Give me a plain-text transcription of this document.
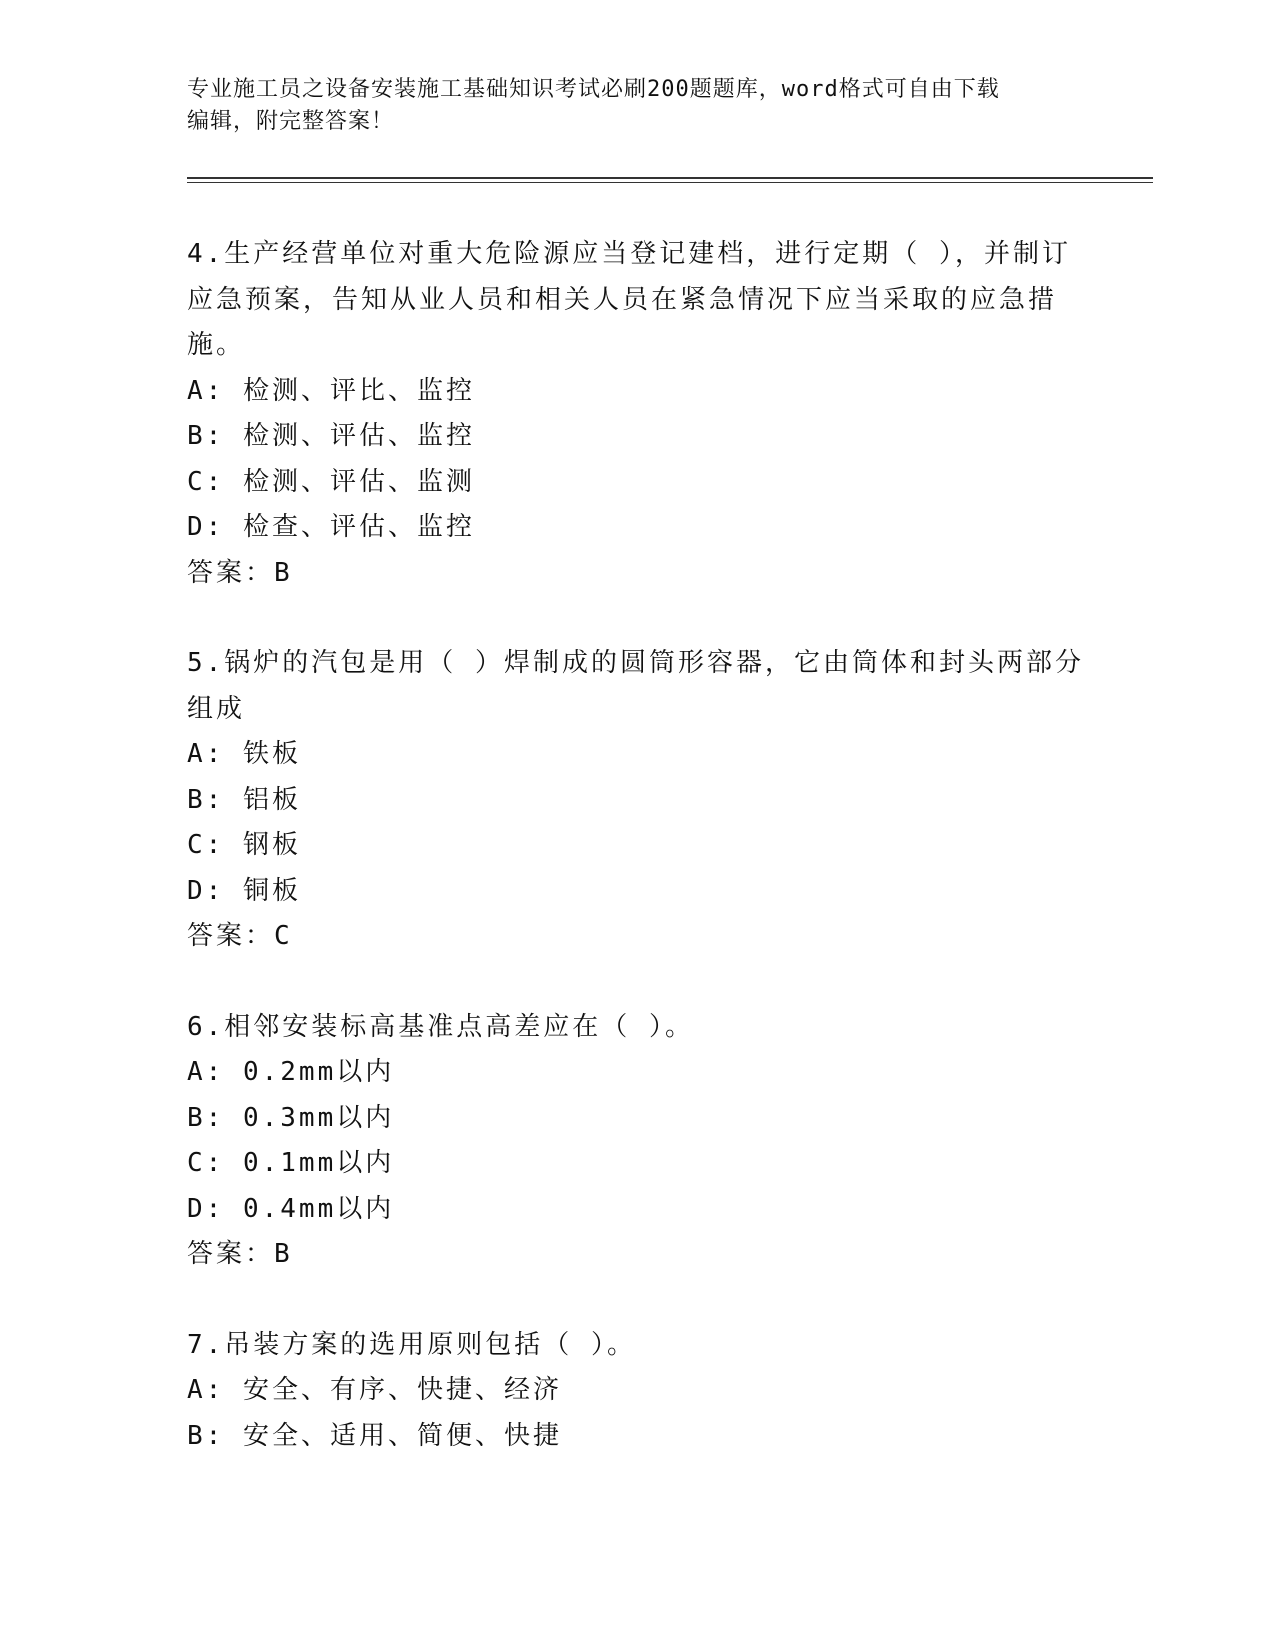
专业施工员之设备安装施工基础知识考试必刷200题题库，word格式可自由下载
编辑，附完整答案！
4.生产经营单位对重大危险源应当登记建档，进行定期（ ），并制订
应急预案，告知从业人员和相关人员在紧急情况下应当采取的应急措
施。
A: 检测、评比、监控
B: 检测、评估、监控
C: 检测、评估、监测
D: 检查、评估、监控
答案：B
5.锅炉的汽包是用（ ）焊制成的圆筒形容器，它由筒体和封头两部分
组成
A: 铁板
B: 铝板
C: 钢板
D: 铜板
答案：C
6.相邻安装标高基准点高差应在（ ）。
A: 0.2mm以内
B: 0.3mm以内
C: 0.1mm以内
D: 0.4mm以内
答案：B
7.吊装方案的选用原则包括（ ）。
A: 安全、有序、快捷、经济
B: 安全、适用、简便、快捷
